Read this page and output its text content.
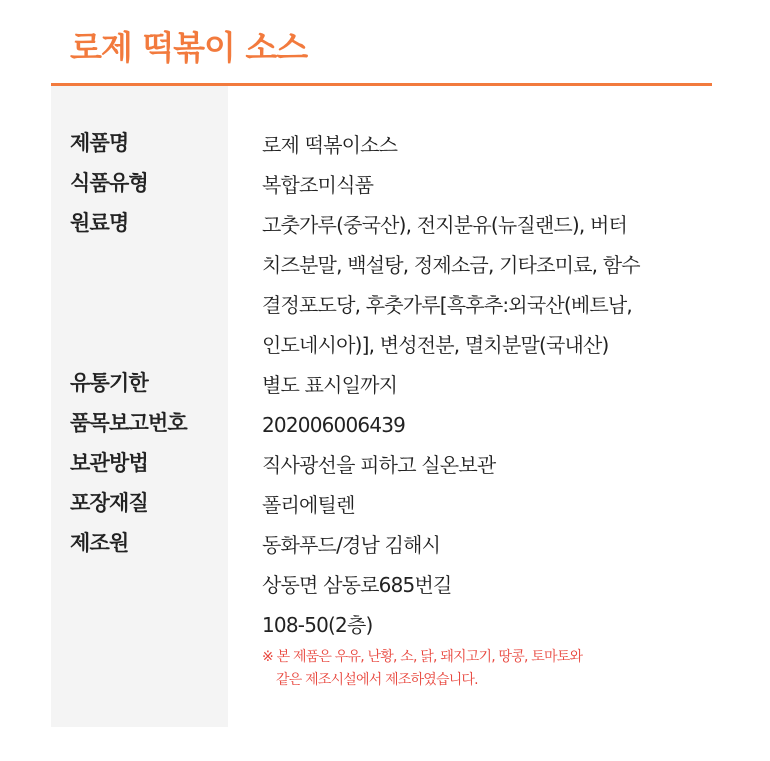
로제 떡볶이 소스
제품명	로제 떡볶이소스
식품유형	복합조미식품
원료명	고춧가루(중국산), 전지분유(뉴질랜드), 버터
치즈분말, 백설탕, 정제소금, 기타조미료, 함수
결정포도당, 후춧가루[흑후추:외국산(베트남,
인도네시아)], 변성전분, 멸치분말(국내산)
유통기한	별도 표시일까지
품목보고번호	202006006439
보관방법	직사광선을 피하고 실온보관
포장재질	폴리에틸렌
제조원	동화푸드/경남 김해시
상동면 삼동로685번길
108-50(2층)
※ 본 제품은 우유, 난황, 소, 닭, 돼지고기, 땅콩, 토마토와
같은 제조시설에서 제조하였습니다.
